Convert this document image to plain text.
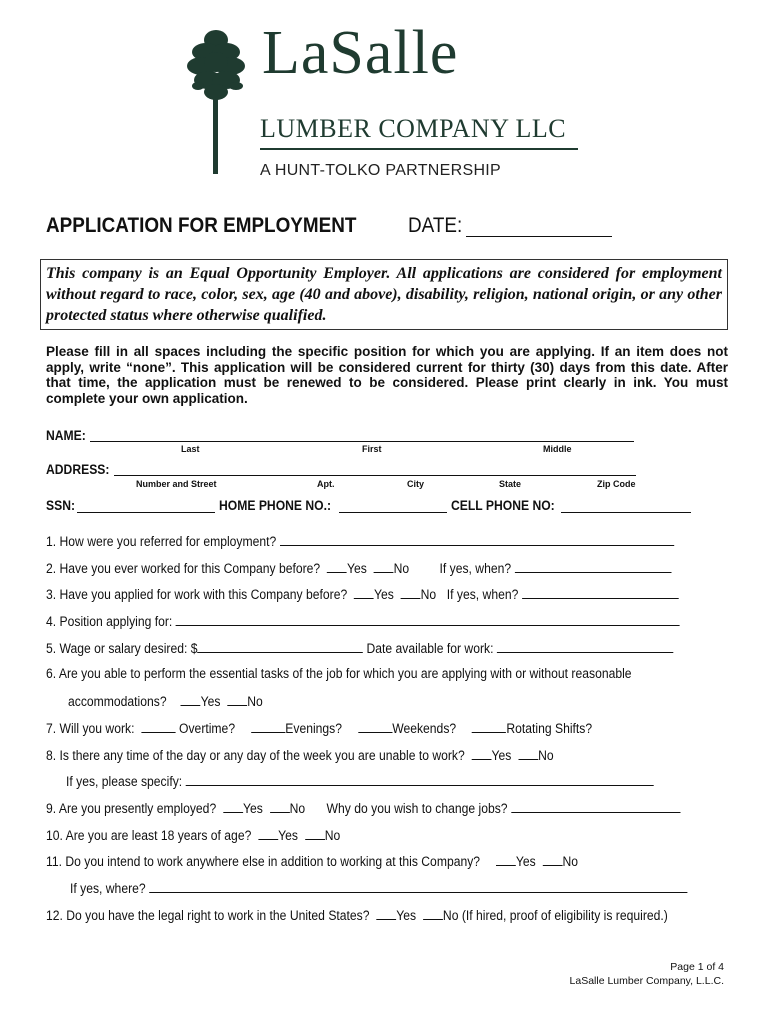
LaSalle
LUMBER COMPANY LLC
A HUNT-TOLKO PARTNERSHIP
APPLICATION FOR EMPLOYMENT DATE:
This company is an Equal Opportunity Employer. All applications are considered for employment without regard to race, color, sex, age (40 and above), disability, religion, national origin, or any other protected status where otherwise qualified.
Please fill in all spaces including the specific position for which you are applying. If an item does not apply, write “none”. This application will be considered current for thirty (30) days from this date. After that time, the application must be renewed to be considered. Please print clearly in ink. You must complete your own application.
NAME:
Last	First	Middle
ADDRESS:
Number and Street	Apt.	City	State	Zip Code
SSN:	HOME PHONE NO.:	CELL PHONE NO:
1. How were you referred for employment?
2. Have you ever worked for this Company before? Yes No If yes, when?
3. Have you applied for work with this Company before? Yes No If yes, when?
4. Position applying for:
5. Wage or salary desired: $	Date available for work:
6. Are you able to perform the essential tasks of the job for which you are applying with or without reasonable
accommodations?	Yes No
7. Will you work:	Overtime?	Evenings?	Weekends?	Rotating Shifts?
8. Is there any time of the day or any day of the week you are unable to work? Yes No
If yes, please specify:
9. Are you presently employed? Yes No Why do you wish to change jobs?
10. Are you are least 18 years of age? Yes No
11. Do you intend to work anywhere else in addition to working at this Company?	Yes No
If yes, where?
12. Do you have the legal right to work in the United States? Yes No (If hired, proof of eligibility is required.)
Page 1 of 4
LaSalle Lumber Company, L.L.C.
